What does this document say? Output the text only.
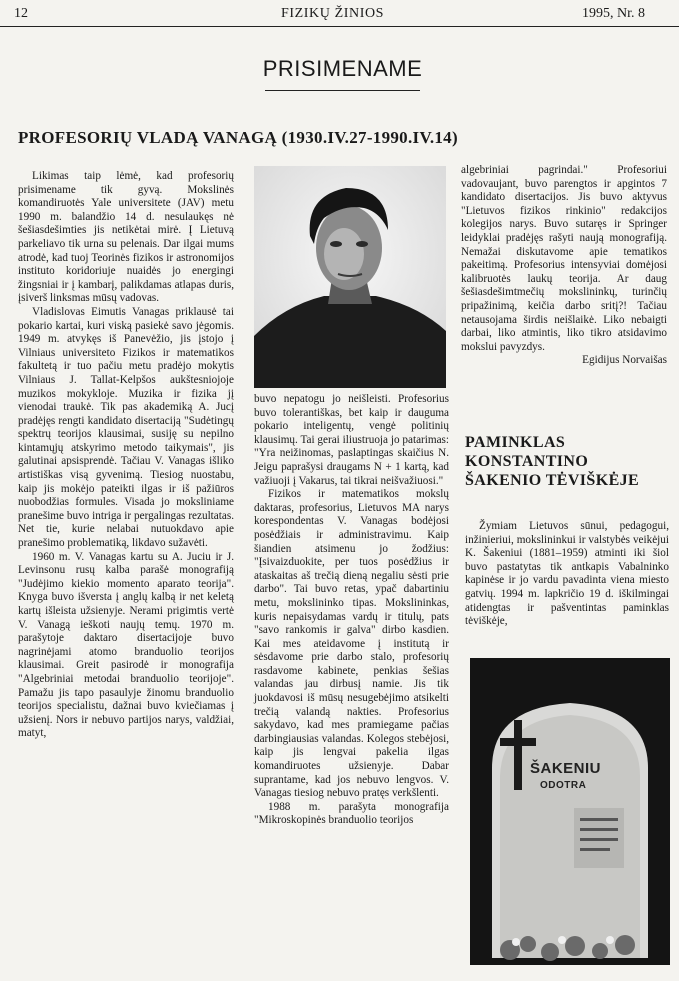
12	FIZIKŲ ŽINIOS	1995, Nr. 8
PRISIMENAME
PROFESORIŲ VLADĄ VANAGĄ (1930.IV.27-1990.IV.14)

Likimas taip lėmė, kad profesorių prisimename tik gyvą. Mokslinės komandiruotės Yale universitete (JAV) metu 1990 m. balandžio 14 d. nesulaukęs nė šešiasdešimties jis netikėtai mirė. Į Lietuvą parkeliavo tik urna su pelenais. Dar ilgai mums atrodė, kad tuoj Teorinės fizikos ir astronomijos instituto koridoriuje nuaidės jo energingi žingsniai ir į kambarį, palikdamas atlapas duris, įsiverš linksmas mūsų vadovas.

Vladislovas Eimutis Vanagas priklausė tai pokario kartai, kuri viską pasiekė savo jėgomis. 1949 m. atvykęs iš Panevėžio, jis įstojo į Vilniaus universiteto Fizikos ir matematikos fakultetą ir tuo pačiu metu pradėjo mokytis Vilniaus J. Tallat-Kelpšos aukštesniojoje muzikos mokykloje. Muzika ir fizika jį vienodai traukė. Tik pas akademiką A. Jucį pradėjęs rengti kandidato disertaciją "Sudėtingų spektrų teorijos klausimai, susiję su nepilno kintamųjų atskyrimo metodo taikymais", jis galutinai apsisprendė. Tačiau V. Vanagas išliko artistiškas visą gyvenimą. Tiesiog nuostabu, kaip jis mokėjo pateikti ilgas ir iš pažiūros nuobodžias formules. Visada jo moksliniame pranešime buvo intriga ir pergalingas rezultatas. Net tie, kurie nelabai nutuokdavo apie pranešimo problematiką, likdavo sužavėti.

1960 m. V. Vanagas kartu su A. Juciu ir J. Levinsonu rusų kalba parašė monografiją "Judėjimo kiekio momento aparato teorija". Knyga buvo išversta į anglų kalbą ir net keletą kartų išleista užsienyje. Nerami prigimtis vertė V. Vanagą ieškoti naujų temų. 1970 m. parašytoje daktaro disertacijoje buvo nagrinėjami atomo branduolio teorijos klausimai. Greit pasirodė ir monografija "Algebriniai metodai branduolio teorijoje". Pamažu jis tapo pasaulyje žinomu branduolio teorijos specialistu, dažnai buvo kviečiamas į užsienį. Nors ir nebuvo partijos narys, valdžiai, matyt,

buvo nepatogu jo neišleisti. Profesorius buvo tolerantiškas, bet kaip ir dauguma pokario inteligentų, vengė politinių klausimų. Tai gerai iliustruoja jo patarimas: "Yra neižinomas, paslaptingas skaičius N. Jeigu paprašysi draugams N + 1 kartą, kad važiuoji į Vakarus, tai tikrai neišvažiuosi."

Fizikos ir matematikos mokslų daktaras, profesorius, Lietuvos MA narys korespondentas V. Vanagas bodėjosi posėdžiais ir administravimu. Kaip šiandien atsimenu jo žodžius: "Įsivaizduokite, per tuos posėdžius ir ataskaitas aš trečią dieną negaliu sėsti prie darbo". Tai buvo retas, ypač dabartiniu metu, mokslininko tipas. Mokslininkas, kuris nepaisydamas vardų ir titulų, pats "savo rankomis ir galva" dirbo kasdien. Kai mes ateidavome į institutą ir sėsdavome prie darbo stalo, profesorių rasdavome kabinete, penkias šešias valandas jau dirbusį namie. Jis tik juokdavosi iš mūsų nesugebėjimo atsikelti trečią valandą nakties. Profesorius sakydavo, kad mes pramiegame pačias darbingiausias valandas. Kolegos stebėjosi, kaip jis lengvai pakelia ilgas komandiruotes užsienyje. Dabar suprantame, kad jos nebuvo lengvos. V. Vanagas tiesiog nebuvo pratęs verkšlenti.

1988 m. parašyta monografija "Mikroskopinės branduolio teorijos

algebriniai pagrindai." Profesoriui vadovaujant, buvo parengtos ir apgintos 7 kandidato disertacijos. Jis buvo aktyvus "Lietuvos fizikos rinkinio" redakcijos kolegijos narys. Buvo sutaręs ir Springer leidyklai pradėjęs rašyti naują monografiją. Nemažai diskutavome apie tematikos pakeitimą. Profesorius intensyviai domėjosi kalibruotės laukų teorija. Ar daug šešiasdešimtmečių mokslininkų, turinčių pripažinimą, keičia darbo sritį?! Tačiau netausojama širdis neišlaikė. Liko nebaigti darbai, liko atmintis, liko tikro atsidavimo mokslui pavyzdys.

Egidijus Norvaišas
PAMINKLAS
KONSTANTINO
ŠAKENIO TĖVIŠKĖJE

Žymiam Lietuvos sūnui, pedagogui, inžinieriui, mokslininkui ir valstybės veikėjui K. Šakeniui (1881–1959) atminti iki šiol buvo pastatytas tik antkapis Vabalninko kapinėse ir jo vardu pavadinta viena miesto gatvių. 1994 m. lapkričio 19 d. iškilmingai atidengtas ir pašventintas paminklas tėviškėje,

ŠAKENIU
ODOTRA
